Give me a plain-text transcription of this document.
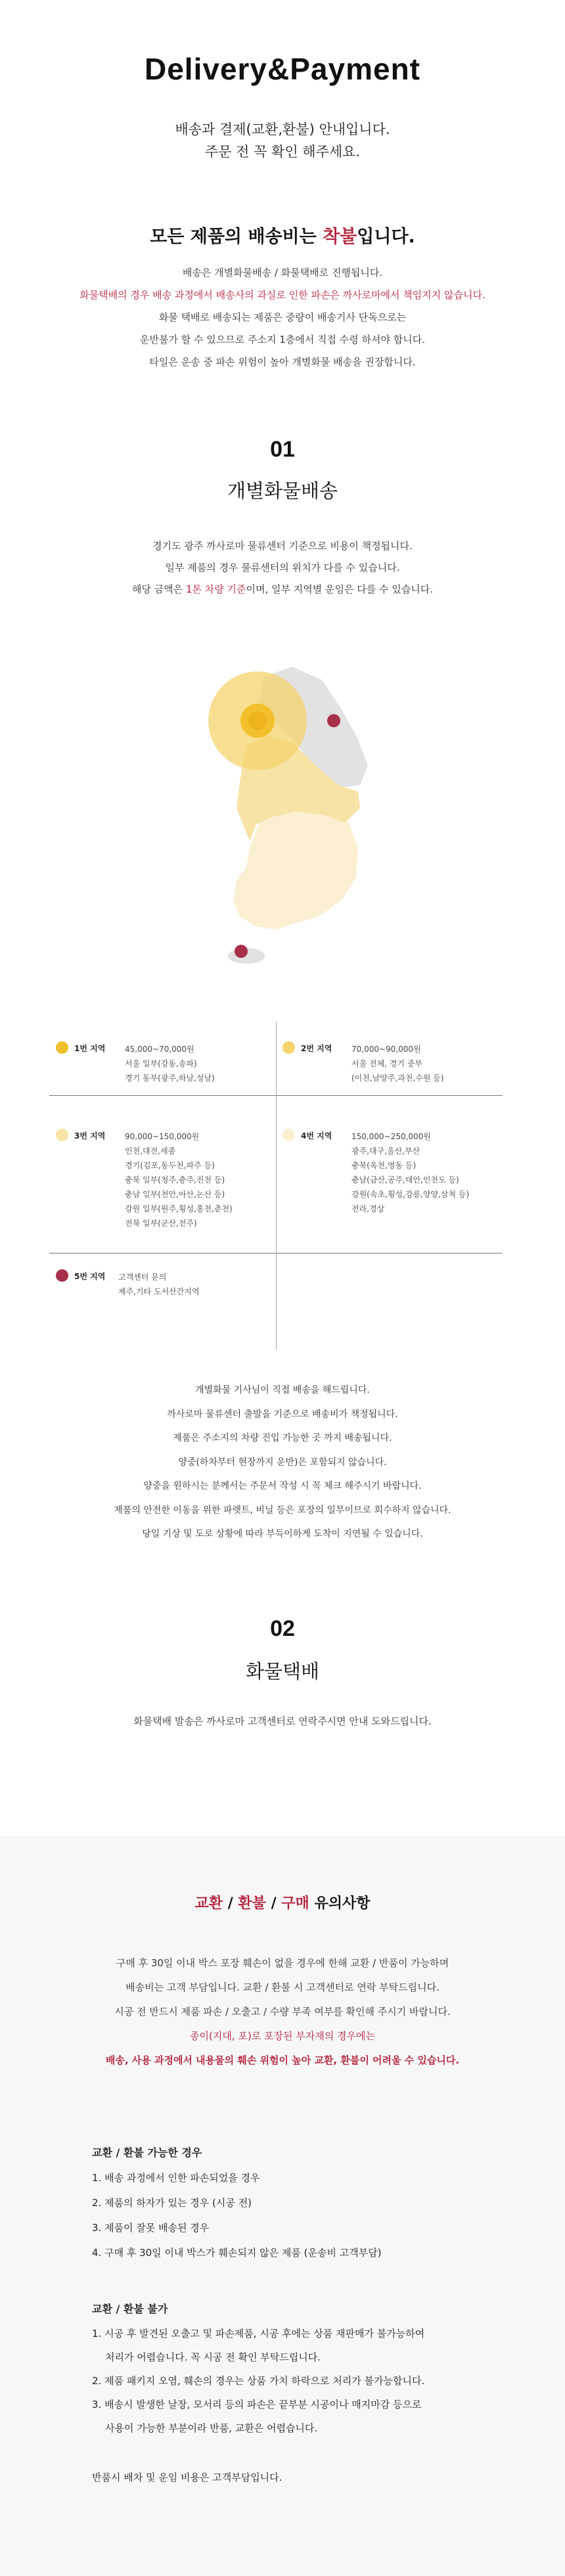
Delivery&Payment
배송과 결제(교환,환불) 안내입니다.
주문 전 꼭 확인 해주세요.
모든 제품의 배송비는 착불입니다.
배송은 개별화물배송 / 화물택배로 진행됩니다.
화물택배의 경우 배송 과정에서 배송사의 과실로 인한 파손은 까사로마에서 책임지지 않습니다.
화물 택배로 배송되는 제품은 중량이 배송기사 단독으로는
운반불가 할 수 있으므로 주소지 1층에서 직접 수령 하셔야 합니다.
타일은 운송 중 파손 위험이 높아 개별화물 배송을 권장합니다.
01
개별화물배송
경기도 광주 까사로마 물류센터 기준으로 비용이 책정됩니다.
일부 제품의 경우 물류센터의 위치가 다를 수 있습니다.
해당 금액은 1톤 차량 기준이며, 일부 지역별 운임은 다를 수 있습니다.
1번 지역 45,000~70,000원
서울 일부(강동,송파)
경기 동부(광주,하남,성남)
2번 지역 70,000~90,000원
서울 전체, 경기 중부
(이천,남양주,과천,수원 등)
3번 지역 90,000~150,000원
인천,대전,세종
경기(김포,동두천,파주 등)
충북 일부(청주,충주,진천 등)
충남 일부(천안,아산,논산 등)
강원 일부(원주,횡성,홍천,춘천)
전북 일부(군산,전주)
4번 지역 150,000~250,000원
광주,대구,울산,부산
충북(옥천,영동 등)
충남(금산,공주,태안,인천도 등)
강원(속초,횡성,강릉,양양,삼척 등)
전라,경상
5번 지역 고객센터 문의
제주,기타 도서산간지역
개별화물 기사님이 직접 배송을 해드립니다.
까사로마 물류센터 출발을 기준으로 배송비가 책정됩니다.
제품은 주소지의 차량 진입 가능한 곳 까지 배송됩니다.
양중(하차부터 현장까지 운반)은 포함되지 않습니다.
양중을 원하시는 분께서는 주문서 작성 시 꼭 체크 해주시기 바랍니다.
제품의 안전한 이동을 위한 파렛트, 비닐 등은 포장의 일부이므로 회수하지 않습니다.
당일 기상 및 도로 상황에 따라 부득이하게 도착이 지연될 수 있습니다.
02
화물택배
화물택배 발송은 까사로마 고객센터로 연락주시면 안내 도와드립니다.
교환 / 환불 / 구매 유의사항
구매 후 30일 이내 박스 포장 훼손이 없을 경우에 한해 교환 / 반품이 가능하며
배송비는 고객 부담입니다. 교환 / 환불 시 고객센터로 연락 부탁드립니다.
시공 전 반드시 제품 파손 / 오출고 / 수량 부족 여부를 확인해 주시기 바랍니다.
종이(지대, 포)로 포장된 부자재의 경우에는
배송, 사용 과정에서 내용물의 훼손 위험이 높아 교환, 환불이 어려울 수 있습니다.
교환 / 환불 가능한 경우
1. 배송 과정에서 인한 파손되었을 경우
2. 제품의 하자가 있는 경우 (시공 전)
3. 제품이 잘못 배송된 경우
4. 구매 후 30일 이내 박스가 훼손되지 않은 제품 (운송비 고객부담)
교환 / 환불 불가
1. 시공 후 발견된 오출고 및 파손제품, 시공 후에는 상품 재판매가 불가능하여
처리가 어렵습니다. 꼭 시공 전 확인 부탁드립니다.
2. 제품 패키지 오염, 훼손의 경우는 상품 가치 하락으로 처리가 불가능합니다.
3. 배송시 발생한 날장, 모서리 등의 파손은 끝부분 시공이나 매지마감 등으로
사용이 가능한 부분이라 반품, 교환은 어렵습니다.
반품시 배차 및 운임 비용은 고객부담입니다.
